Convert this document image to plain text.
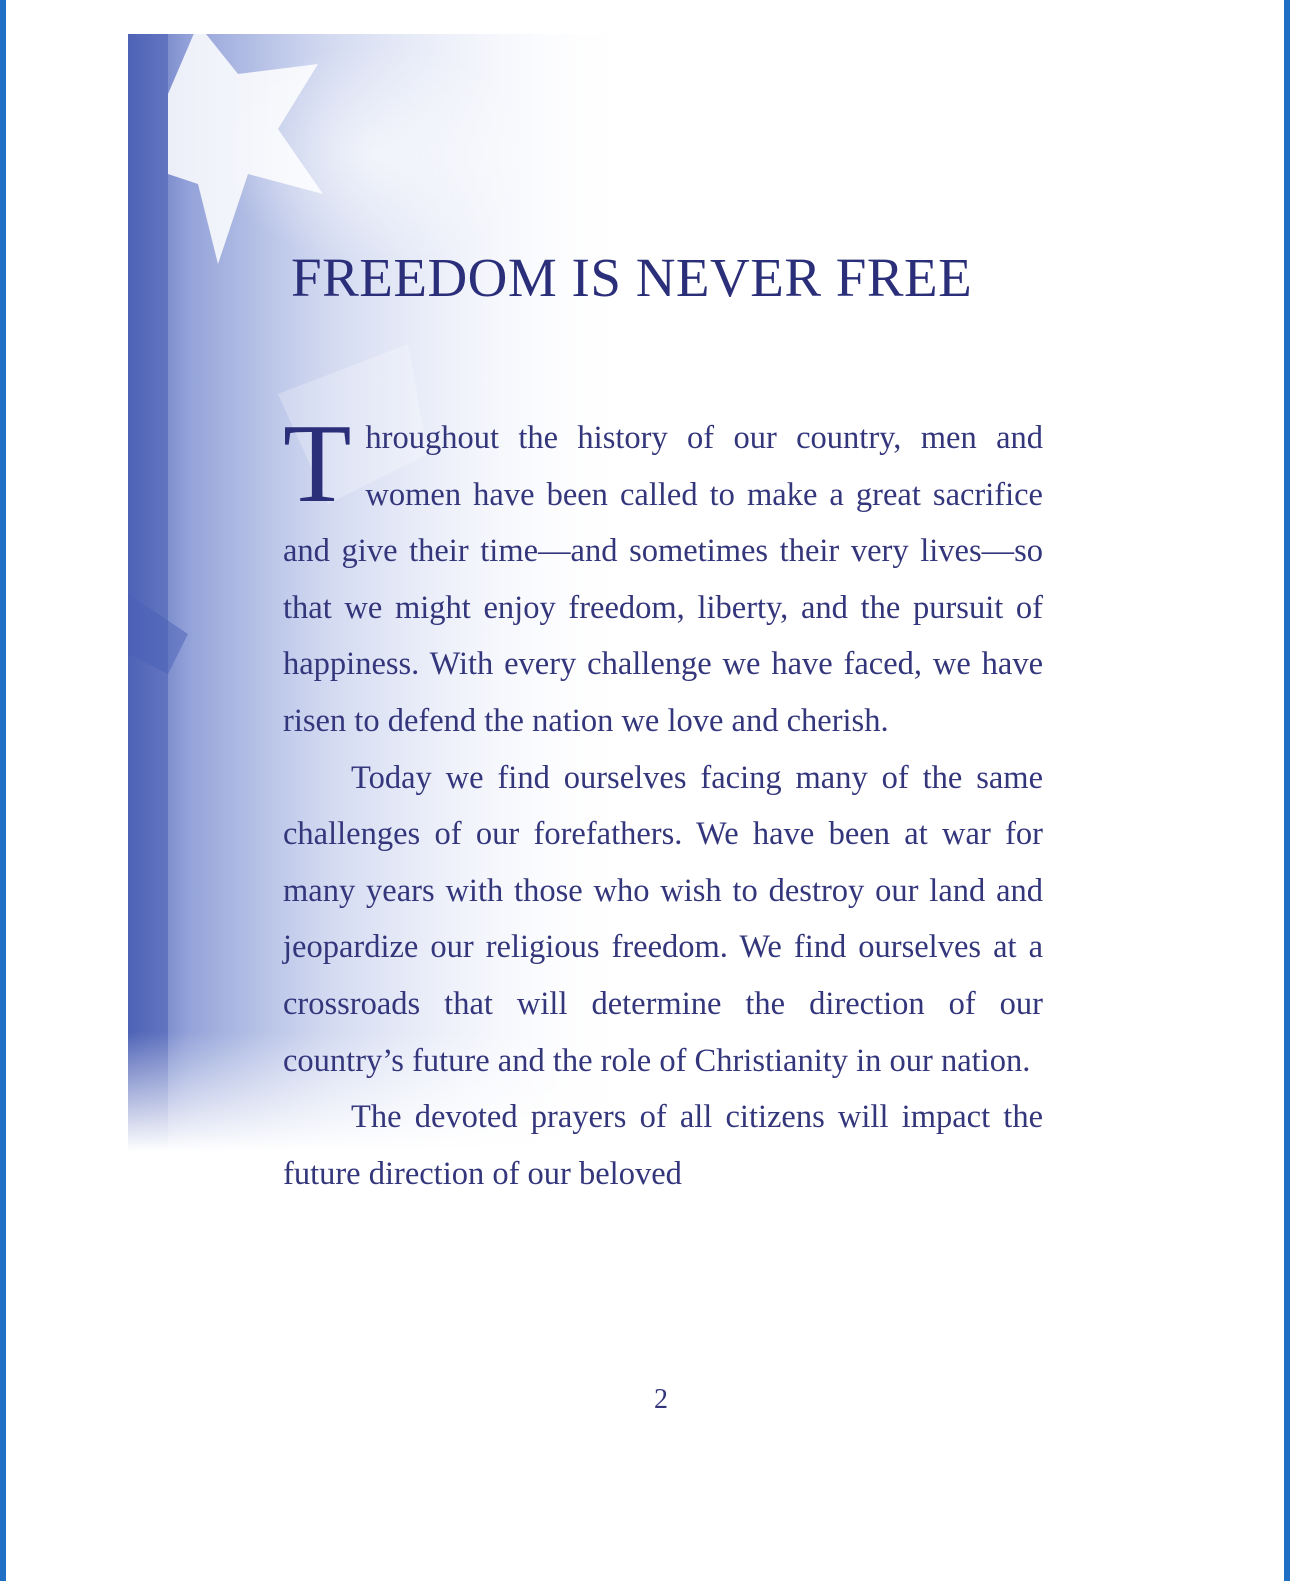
FREEDOM IS NEVER FREE

Throughout the history of our country, men and women have been called to make a great sacrifice and give their time—and sometimes their very lives—so that we might enjoy freedom, liberty, and the pursuit of happiness. With every challenge we have faced, we have risen to defend the nation we love and cherish.

Today we find ourselves facing many of the same challenges of our forefathers. We have been at war for many years with those who wish to destroy our land and jeopardize our religious freedom. We find ourselves at a crossroads that will determine the direction of our country’s future and the role of Christianity in our nation.

The devoted prayers of all citizens will impact the future direction of our beloved

2
